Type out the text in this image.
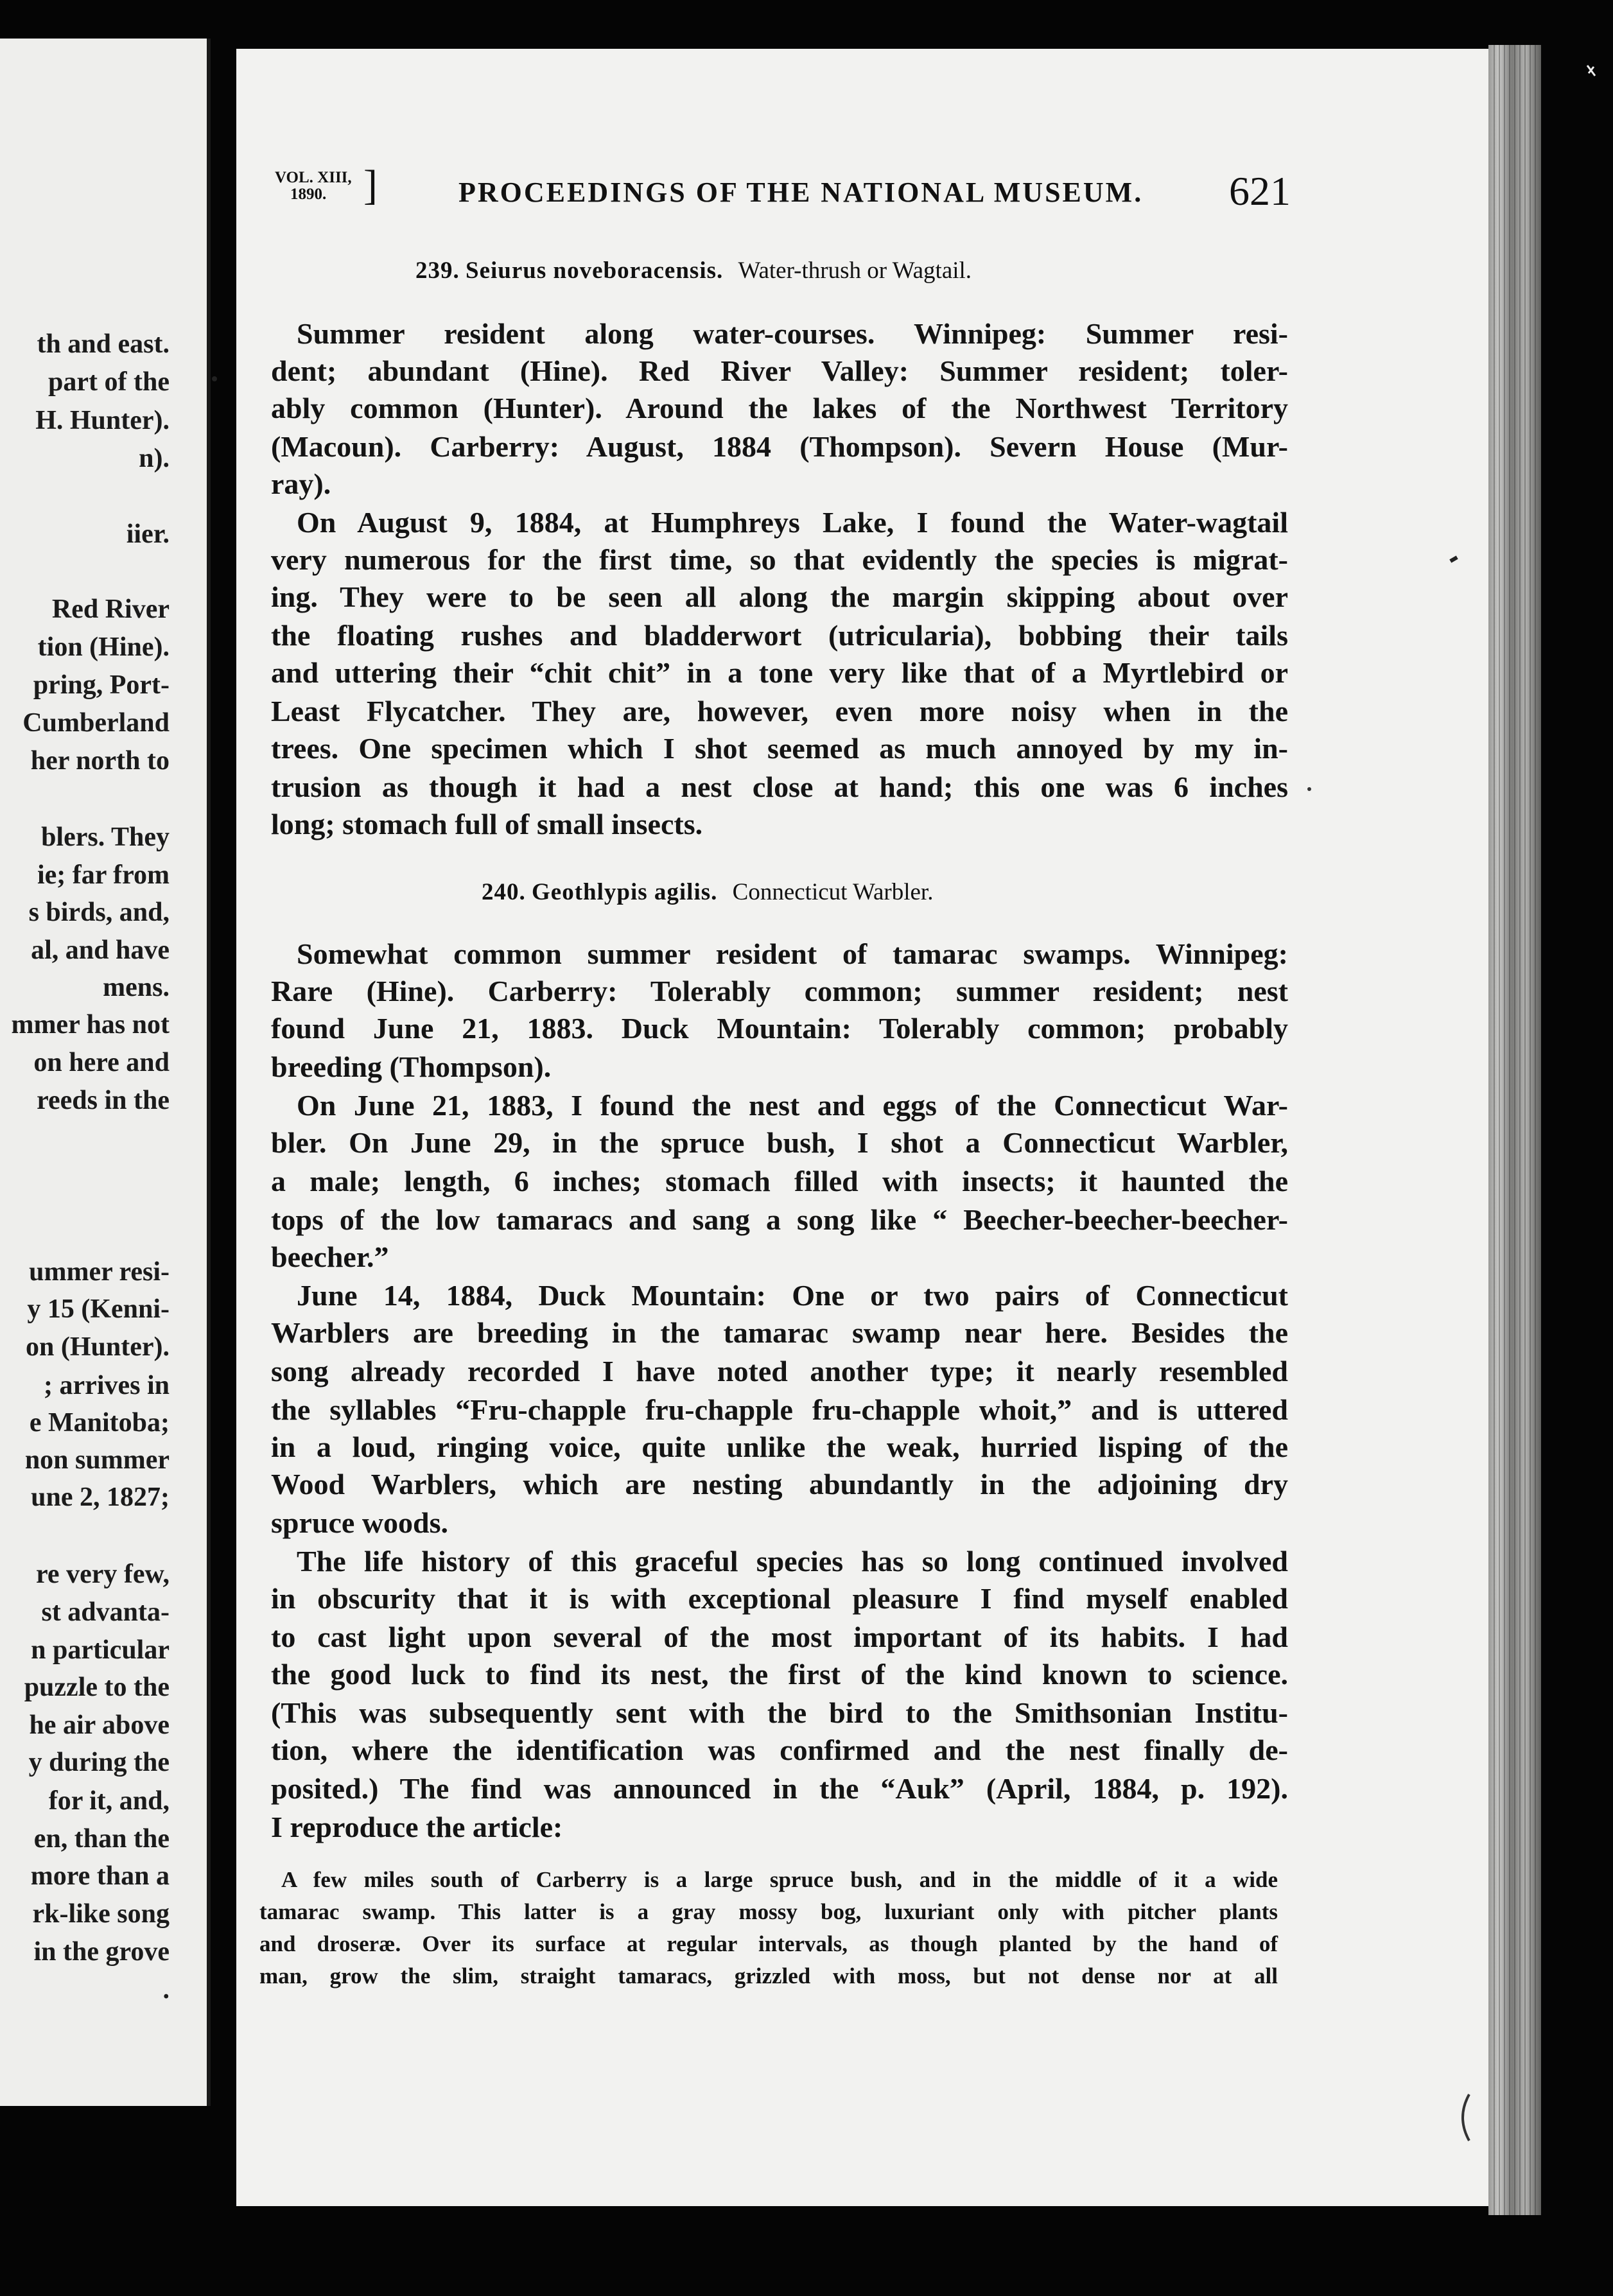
th and east.
part of the
H. Hunter).
n).
iier.
Red River
tion (Hine).
pring, Port-
Cumberland
her north to
blers. They
ie; far from
s birds, and,
al, and have
mens.
mmer has not
on here and
reeds in the
ummer resi-
y 15 (Kenni-
on (Hunter).
; arrives in
e Manitoba;
non summer
une 2, 1827;
re very few,
st advanta-
n particular
puzzle to the
he air above
y during the
for it, and,
en, than the
more than a
rk-like song
in the grove
.
VOL. XIII,
1890. ]	PROCEEDINGS OF THE NATIONAL MUSEUM. 621
239. Seiurus noveboracensis. Water-thrush or Wagtail.
240. Geothlypis agilis. Connecticut Warbler.
Summer resident along water-courses. Winnipeg: Summer resi-
dent; abundant (Hine). Red River Valley: Summer resident; toler-
ably common (Hunter). Around the lakes of the Northwest Territory
(Macoun). Carberry: August, 1884 (Thompson). Severn House (Mur-
ray).
On August 9, 1884, at Humphreys Lake, I found the Water-wagtail
very numerous for the first time, so that evidently the species is migrat-
ing. They were to be seen all along the margin skipping about over
the floating rushes and bladderwort (utricularia), bobbing their tails
and uttering their “chit chit” in a tone very like that of a Myrtlebird or
Least Flycatcher. They are, however, even more noisy when in the
trees. One specimen which I shot seemed as much annoyed by my in-
trusion as though it had a nest close at hand; this one was 6 inches
long; stomach full of small insects.
Somewhat common summer resident of tamarac swamps. Winnipeg:
Rare (Hine). Carberry: Tolerably common; summer resident; nest
found June 21, 1883. Duck Mountain: Tolerably common; probably
breeding (Thompson).
On June 21, 1883, I found the nest and eggs of the Connecticut War-
bler. On June 29, in the spruce bush, I shot a Connecticut Warbler,
a male; length, 6 inches; stomach filled with insects; it haunted the
tops of the low tamaracs and sang a song like “ Beecher-beecher-beecher-
beecher.”
June 14, 1884, Duck Mountain: One or two pairs of Connecticut
Warblers are breeding in the tamarac swamp near here. Besides the
song already recorded I have noted another type; it nearly resembled
the syllables “Fru-chapple fru-chapple fru-chapple whoit,” and is uttered
in a loud, ringing voice, quite unlike the weak, hurried lisping of the
Wood Warblers, which are nesting abundantly in the adjoining dry
spruce woods.
The life history of this graceful species has so long continued involved
in obscurity that it is with exceptional pleasure I find myself enabled
to cast light upon several of the most important of its habits. I had
the good luck to find its nest, the first of the kind known to science.
(This was subsequently sent with the bird to the Smithsonian Institu-
tion, where the identification was confirmed and the nest finally de-
posited.) The find was announced in the “Auk” (April, 1884, p. 192).
I reproduce the article:
A few miles south of Carberry is a large spruce bush, and in the middle of it a wide
tamarac swamp. This latter is a gray mossy bog, luxuriant only with pitcher plants
and droseræ. Over its surface at regular intervals, as though planted by the hand of
man, grow the slim, straight tamaracs, grizzled with moss, but not dense nor at all
